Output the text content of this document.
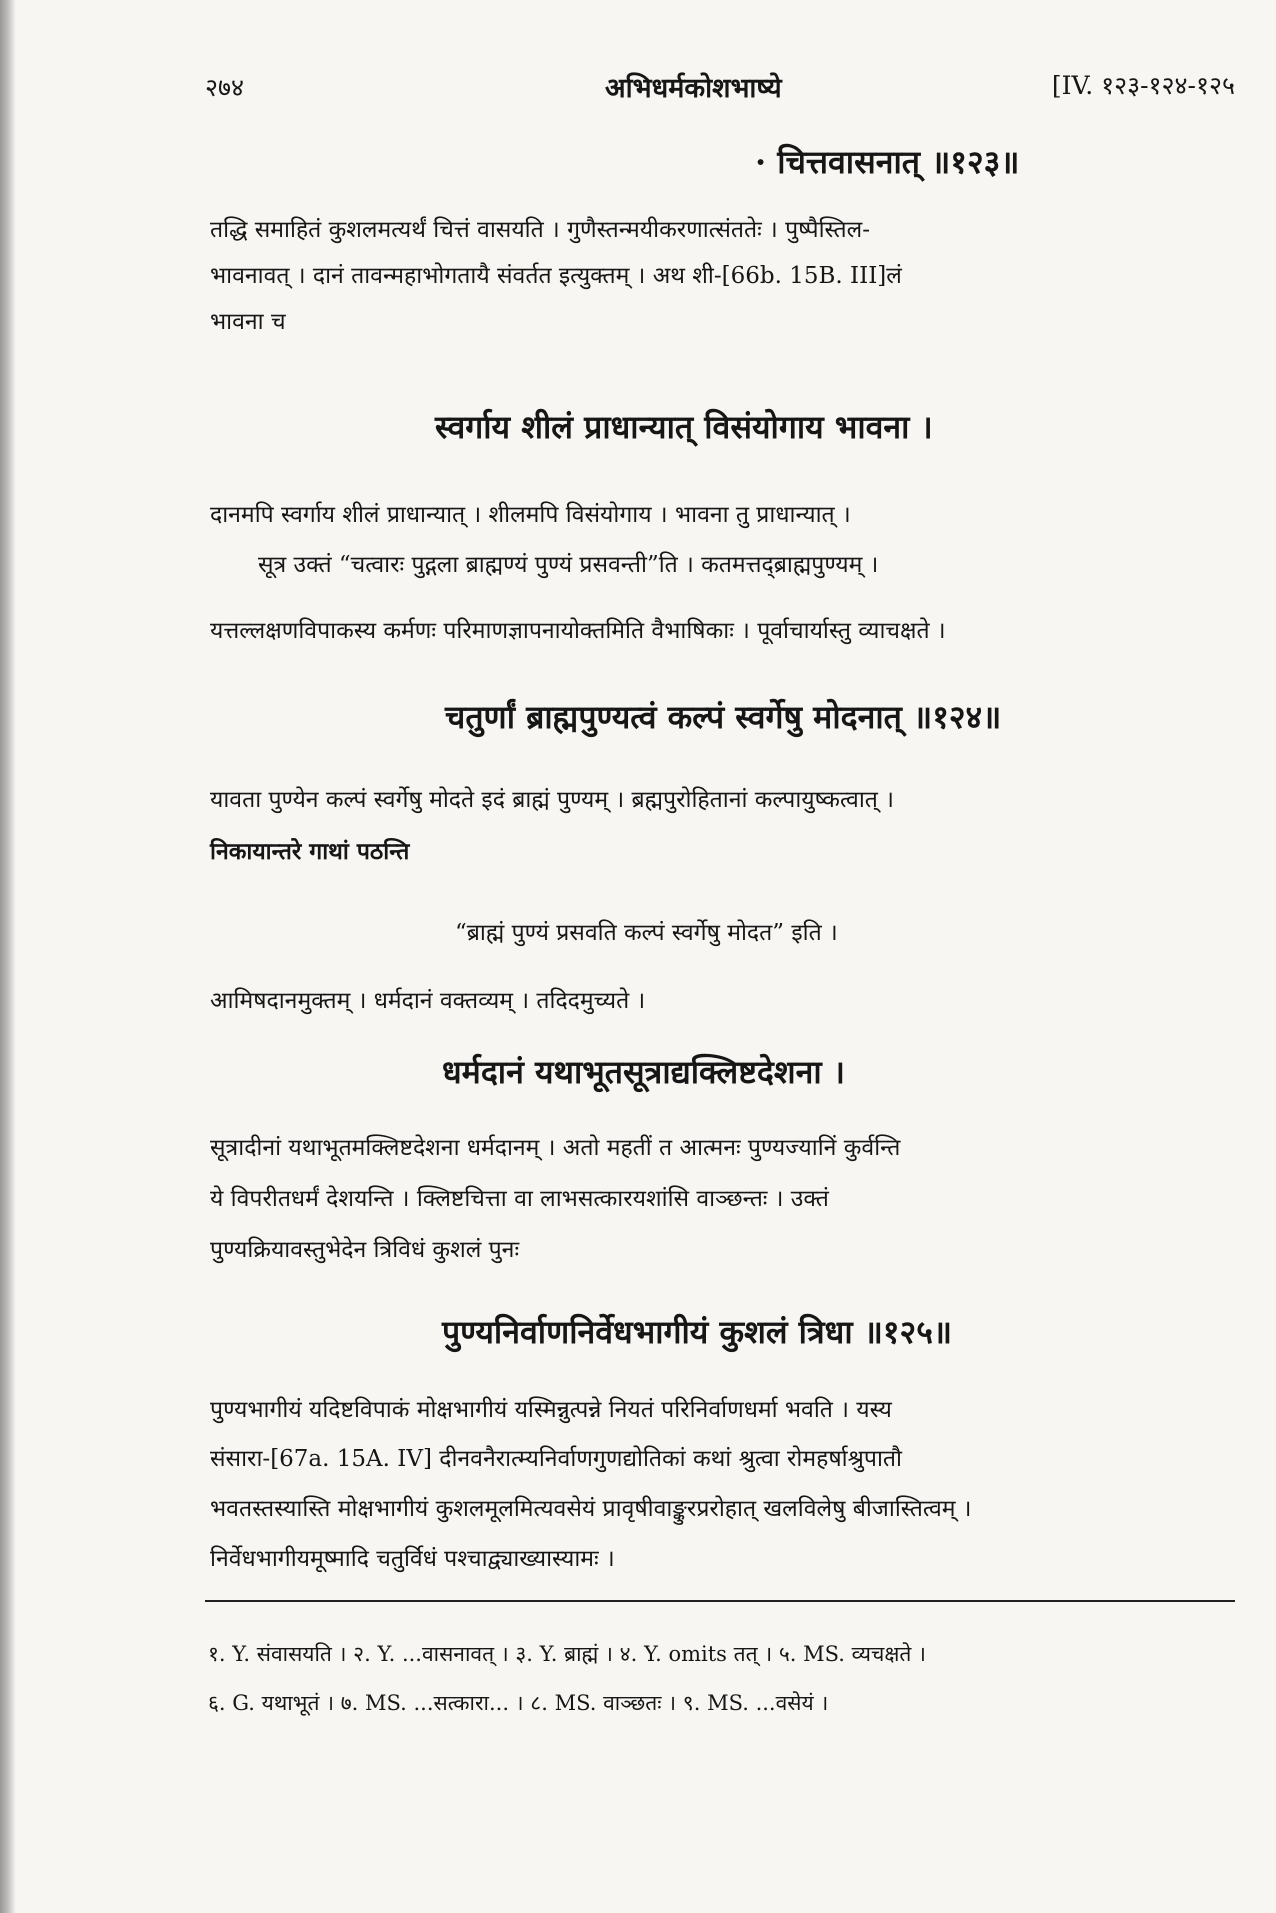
२७४	अभिधर्मकोशभाष्ये	[IV. १२३-१२४-१२५
· चित्तवासनात् ॥१२३॥
तद्धि समाहितं कुशलमत्यर्थं चित्तं वासयति । गुणैस्तन्मयीकरणात्संततेः । पुष्पैस्तिल-
भावनावत् । दानं तावन्महाभोगतायै संवर्तत इत्युक्तम् । अथ शी-[66b. 15B. III]लं
भावना च
स्वर्गाय शीलं प्राधान्यात् विसंयोगाय भावना ।
दानमपि स्वर्गाय शीलं प्राधान्यात् । शीलमपि विसंयोगाय । भावना तु प्राधान्यात् ।
सूत्र उक्तं “चत्वारः पुद्गला ब्राह्मण्यं पुण्यं प्रसवन्ती”ति । कतमत्तद्ब्राह्मपुण्यम् ।
यत्तल्लक्षणविपाकस्य कर्मणः परिमाणज्ञापनायोक्तमिति वैभाषिकाः । पूर्वाचार्यास्तु व्याचक्षते ।
चतुर्णां ब्राह्मपुण्यत्वं कल्पं स्वर्गेषु मोदनात् ॥१२४॥
यावता पुण्येन कल्पं स्वर्गेषु मोदते इदं ब्राह्मं पुण्यम् । ब्रह्मपुरोहितानां कल्पायुष्कत्वात् ।
निकायान्तरे गाथां पठन्ति
“ब्राह्मं पुण्यं प्रसवति कल्पं स्वर्गेषु मोदत” इति ।
आमिषदानमुक्तम् । धर्मदानं वक्तव्यम् । तदिदमुच्यते ।
धर्मदानं यथाभूतसूत्राद्यक्लिष्टदेशना ।
सूत्रादीनां यथाभूतमक्लिष्टदेशना धर्मदानम् । अतो महतीं त आत्मनः पुण्यज्यानिं कुर्वन्ति
ये विपरीतधर्मं देशयन्ति । क्लिष्टचित्ता वा लाभसत्कारयशांसि वाञ्छन्तः । उक्तं
पुण्यक्रियावस्तुभेदेन त्रिविधं कुशलं पुनः
पुण्यनिर्वाणनिर्वेधभागीयं कुशलं त्रिधा ॥१२५॥
पुण्यभागीयं यदिष्टविपाकं मोक्षभागीयं यस्मिन्नुत्पन्ने नियतं परिनिर्वाणधर्मा भवति । यस्य
संसारा-[67a. 15A. IV] दीनवनैरात्म्यनिर्वाणगुणद्योतिकां कथां श्रुत्वा रोमहर्षाश्रुपातौ
भवतस्तस्यास्ति मोक्षभागीयं कुशलमूलमित्यवसेयं प्रावृषीवाङ्कुरप्ररोहात् खलविलेषु बीजास्तित्वम् ।
निर्वेधभागीयमूष्मादि चतुर्विधं पश्चाद्व्याख्यास्यामः ।
१. Y. संवासयति । २. Y. ...वासनावत् । ३. Y. ब्राह्मं । ४. Y. omits तत् । ५. MS. व्यचक्षते ।
६. G. यथाभूतं । ७. MS. ...सत्कारा... । ८. MS. वाञ्छतः । ९. MS. ...वसेयं ।
